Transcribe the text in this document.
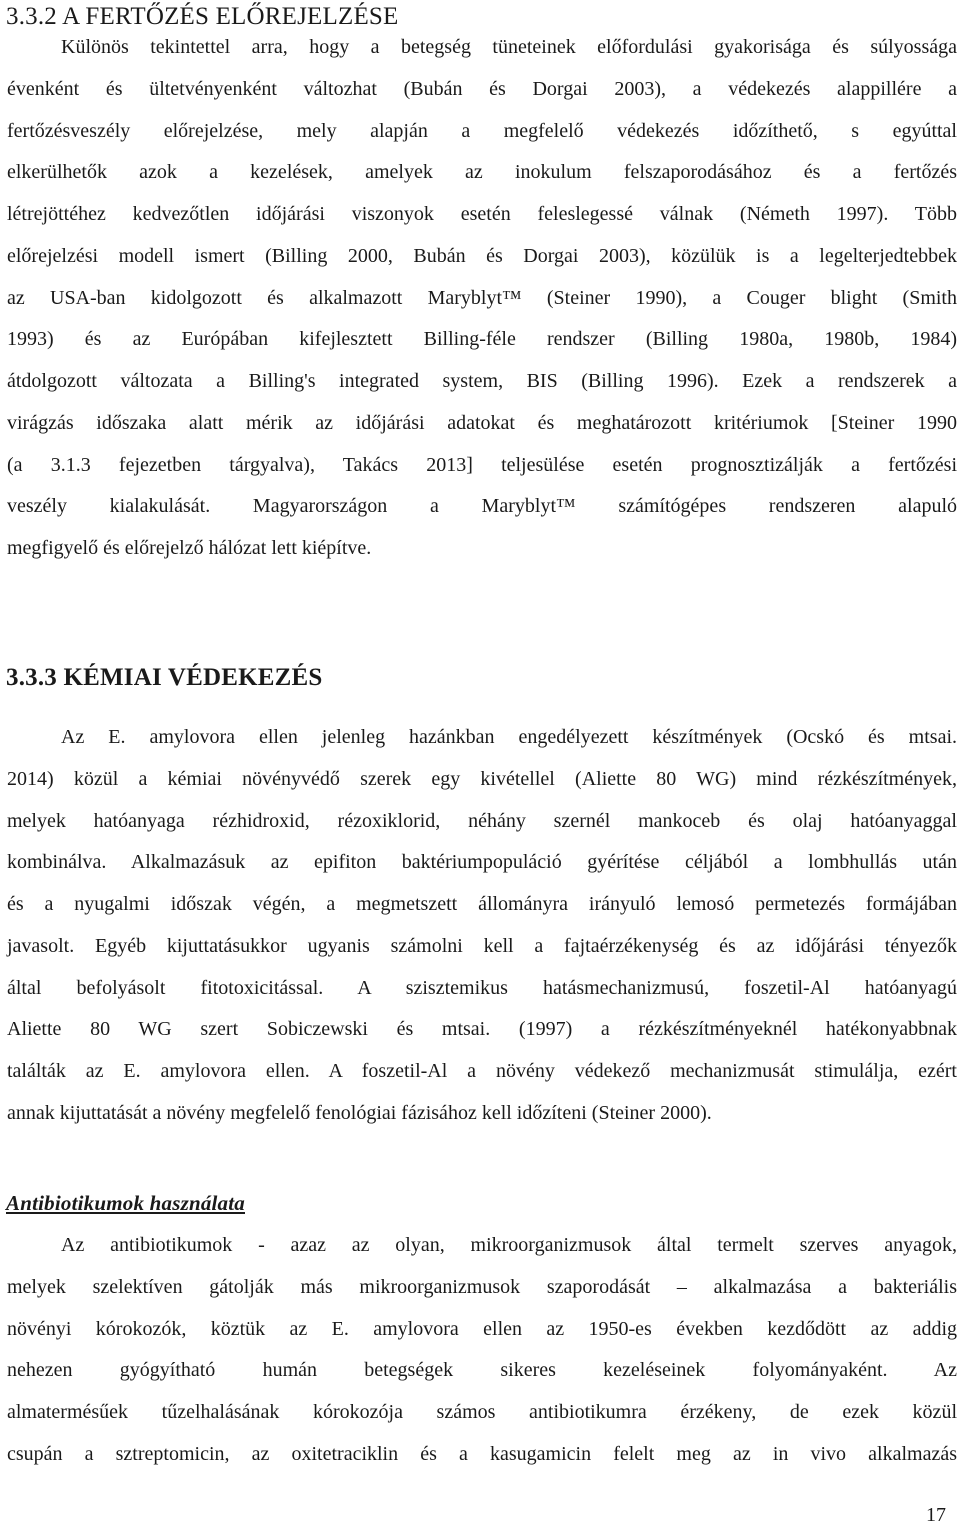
3.3.2 A FERTŐZÉS ELŐREJELZÉSE
Különös tekintettel arra, hogy a betegség tüneteinek előfordulási gyakorisága és súlyossága
évenként és ültetvényenként változhat (Bubán és Dorgai 2003), a védekezés alappillére a
fertőzésveszély előrejelzése, mely alapján a megfelelő védekezés időzíthető, s egyúttal
elkerülhetők azok a kezelések, amelyek az inokulum felszaporodásához és a fertőzés
létrejöttéhez kedvezőtlen időjárási viszonyok esetén feleslegessé válnak (Németh 1997). Több
előrejelzési modell ismert (Billing 2000, Bubán és Dorgai 2003), közülük is a legelterjedtebbek
az USA-ban kidolgozott és alkalmazott Maryblyt™ (Steiner 1990), a Couger blight (Smith
1993) és az Európában kifejlesztett Billing-féle rendszer (Billing 1980a, 1980b, 1984)
átdolgozott változata a Billing's integrated system, BIS (Billing 1996). Ezek a rendszerek a
virágzás időszaka alatt mérik az időjárási adatokat és meghatározott kritériumok [Steiner 1990
(a 3.1.3 fejezetben tárgyalva), Takács 2013] teljesülése esetén prognosztizálják a fertőzési
veszély kialakulását. Magyarországon a Maryblyt™ számítógépes rendszeren alapuló
megfigyelő és előrejelző hálózat lett kiépítve.
3.3.3 KÉMIAI VÉDEKEZÉS
Az E. amylovora ellen jelenleg hazánkban engedélyezett készítmények (Ocskó és mtsai.
2014) közül a kémiai növényvédő szerek egy kivétellel (Aliette 80 WG) mind rézkészítmények,
melyek hatóanyaga rézhidroxid, rézoxiklorid, néhány szernél mankoceb és olaj hatóanyaggal
kombinálva. Alkalmazásuk az epifiton baktériumpopuláció gyérítése céljából a lombhullás után
és a nyugalmi időszak végén, a megmetszett állományra irányuló lemosó permetezés formájában
javasolt. Egyéb kijuttatásukkor ugyanis számolni kell a fajtaérzékenység és az időjárási tényezők
által befolyásolt fitotoxicitással. A szisztemikus hatásmechanizmusú, foszetil-Al hatóanyagú
Aliette 80 WG szert Sobiczewski és mtsai. (1997) a rézkészítményeknél hatékonyabbnak
találták az E. amylovora ellen. A foszetil-Al a növény védekező mechanizmusát stimulálja, ezért
annak kijuttatását a növény megfelelő fenológiai fázisához kell időzíteni (Steiner 2000).
Antibiotikumok használata
Az antibiotikumok - azaz az olyan, mikroorganizmusok által termelt szerves anyagok,
melyek szelektíven gátolják más mikroorganizmusok szaporodását – alkalmazása a bakteriális
növényi kórokozók, köztük az E. amylovora ellen az 1950-es években kezdődött az addig
nehezen gyógyítható humán betegségek sikeres kezeléseinek folyományaként. Az
almatermésűek tűzelhalásának kórokozója számos antibiotikumra érzékeny, de ezek közül
csupán a sztreptomicin, az oxitetraciklin és a kasugamicin felelt meg az in vivo alkalmazás
17
